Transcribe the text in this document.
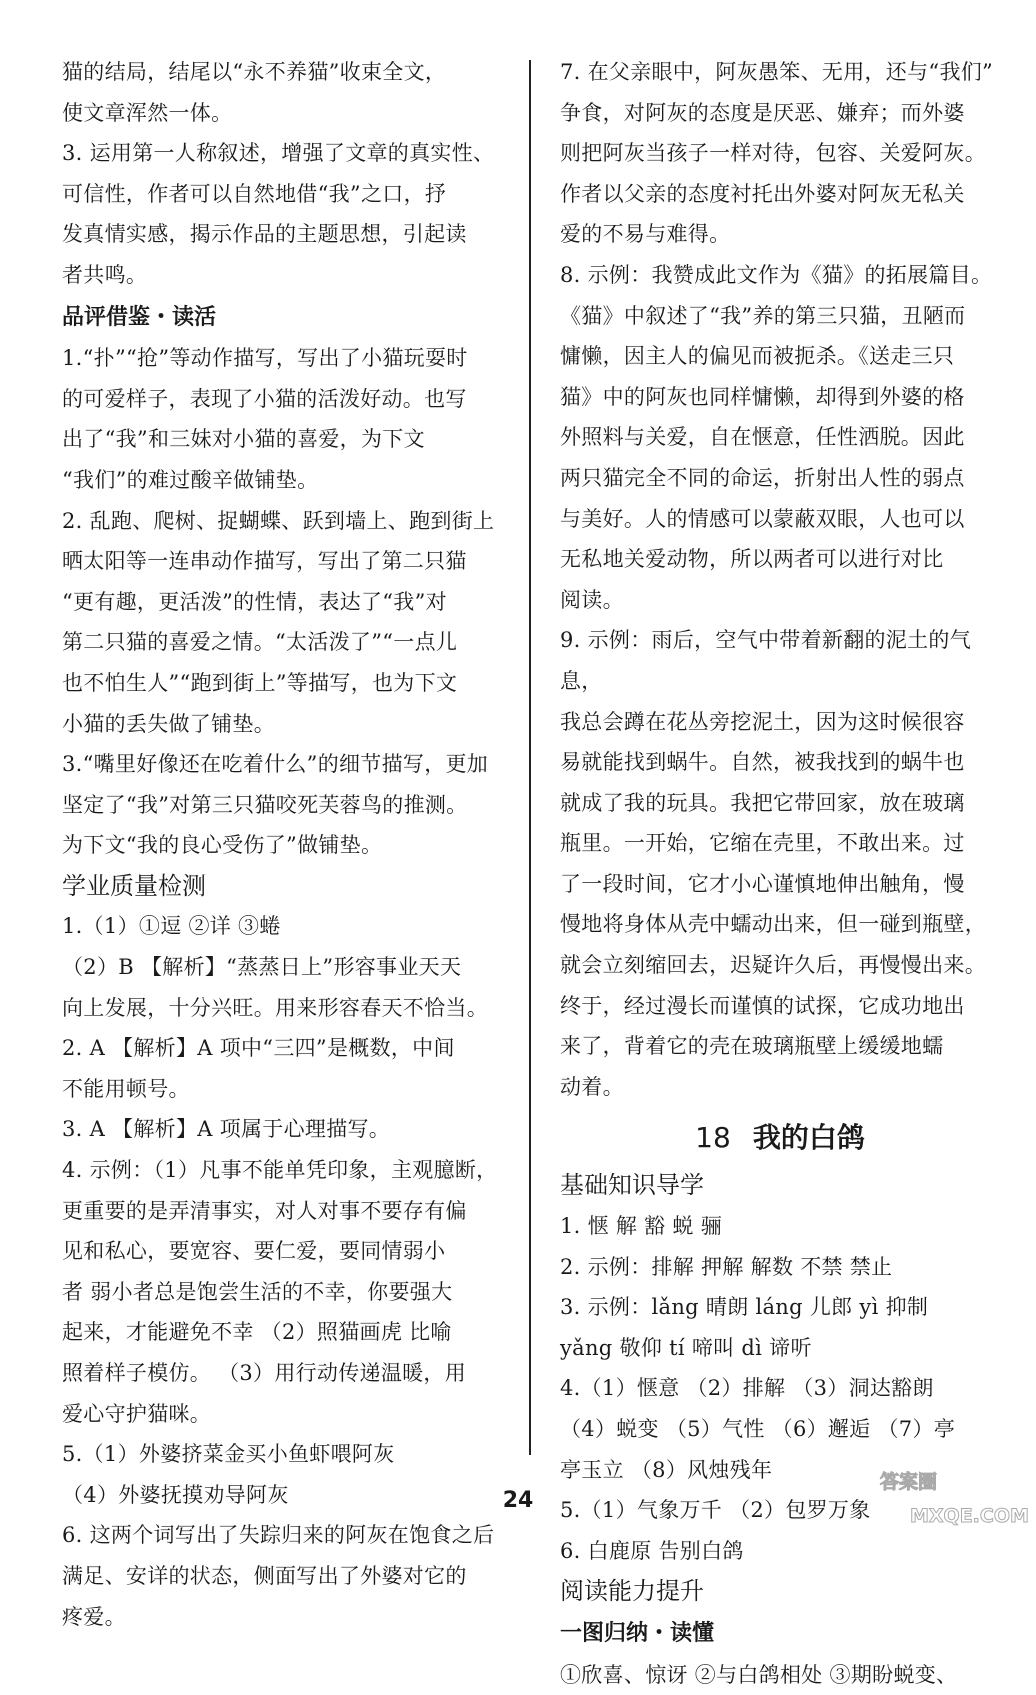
猫的结局，结尾以“永不养猫”收束全文，
使文章浑然一体。

3. 运用第一人称叙述，增强了文章的真实性、
可信性，作者可以自然地借“我”之口，抒
发真情实感，揭示作品的主题思想，引起读
者共鸣。

品评借鉴・读活

1.“扑”“抢”等动作描写，写出了小猫玩耍时
的可爱样子，表现了小猫的活泼好动。也写
出了“我”和三妹对小猫的喜爱，为下文
“我们”的难过酸辛做铺垫。

2. 乱跑、爬树、捉蝴蝶、跃到墙上、跑到街上
晒太阳等一连串动作描写，写出了第二只猫
“更有趣，更活泼”的性情，表达了“我”对
第二只猫的喜爱之情。“太活泼了”“一点儿
也不怕生人”“跑到街上”等描写，也为下文
小猫的丢失做了铺垫。

3.“嘴里好像还在吃着什么”的细节描写，更加
坚定了“我”对第三只猫咬死芙蓉鸟的推测。
为下文“我的良心受伤了”做铺垫。

学业质量检测

1.（1）①逗 ②详 ③蜷
（2）B 【解析】“蒸蒸日上”形容事业天天
向上发展，十分兴旺。用来形容春天不恰当。

2. A 【解析】A 项中“三四”是概数，中间
不能用顿号。

3. A 【解析】A 项属于心理描写。

4. 示例：（1）凡事不能单凭印象，主观臆断，
更重要的是弄清事实，对人对事不要存有偏
见和私心，要宽容、要仁爱，要同情弱小
者 弱小者总是饱尝生活的不幸，你要强大
起来，才能避免不幸 （2）照猫画虎 比喻
照着样子模仿。 （3）用行动传递温暖，用
爱心守护猫咪。

5.（1）外婆挤菜金买小鱼虾喂阿灰
（4）外婆抚摸劝导阿灰

6. 这两个词写出了失踪归来的阿灰在饱食之后
满足、安详的状态，侧面写出了外婆对它的
疼爱。

7. 在父亲眼中，阿灰愚笨、无用，还与“我们”
争食，对阿灰的态度是厌恶、嫌弃；而外婆
则把阿灰当孩子一样对待，包容、关爱阿灰。
作者以父亲的态度衬托出外婆对阿灰无私关
爱的不易与难得。

8. 示例：我赞成此文作为《猫》的拓展篇目。
《猫》中叙述了“我”养的第三只猫，丑陋而
慵懒，因主人的偏见而被扼杀。《送走三只
猫》中的阿灰也同样慵懒，却得到外婆的格
外照料与关爱，自在惬意，任性洒脱。因此
两只猫完全不同的命运，折射出人性的弱点
与美好。人的情感可以蒙蔽双眼，人也可以
无私地关爱动物，所以两者可以进行对比
阅读。

9. 示例：雨后，空气中带着新翻的泥土的气息，
我总会蹲在花丛旁挖泥土，因为这时候很容
易就能找到蜗牛。自然，被我找到的蜗牛也
就成了我的玩具。我把它带回家，放在玻璃
瓶里。一开始，它缩在壳里，不敢出来。过
了一段时间，它才小心谨慎地伸出触角，慢
慢地将身体从壳中蠕动出来，但一碰到瓶壁，
就会立刻缩回去，迟疑许久后，再慢慢出来。
终于，经过漫长而谨慎的试探，它成功地出
来了，背着它的壳在玻璃瓶壁上缓缓地蠕
动着。

18 我的白鸽

基础知识导学

1. 惬 解 豁 蜕 骊
2. 示例：排解 押解 解数 不禁 禁止
3. 示例：lǎng 晴朗 láng 儿郎 yì 抑制
yǎng 敬仰 tí 啼叫 dì 谛听
4.（1）惬意 （2）排解 （3）洞达豁朗
（4）蜕变 （5）气性 （6）邂逅 （7）亭
亭玉立 （8）风烛残年
5.（1）气象万千 （2）包罗万象
6. 白鹿原 告别白鸽

阅读能力提升

一图归纳・读懂

①欣喜、惊讶 ②与白鸽相处 ③期盼蜕变、

24
答案圈
MXQE.COM
